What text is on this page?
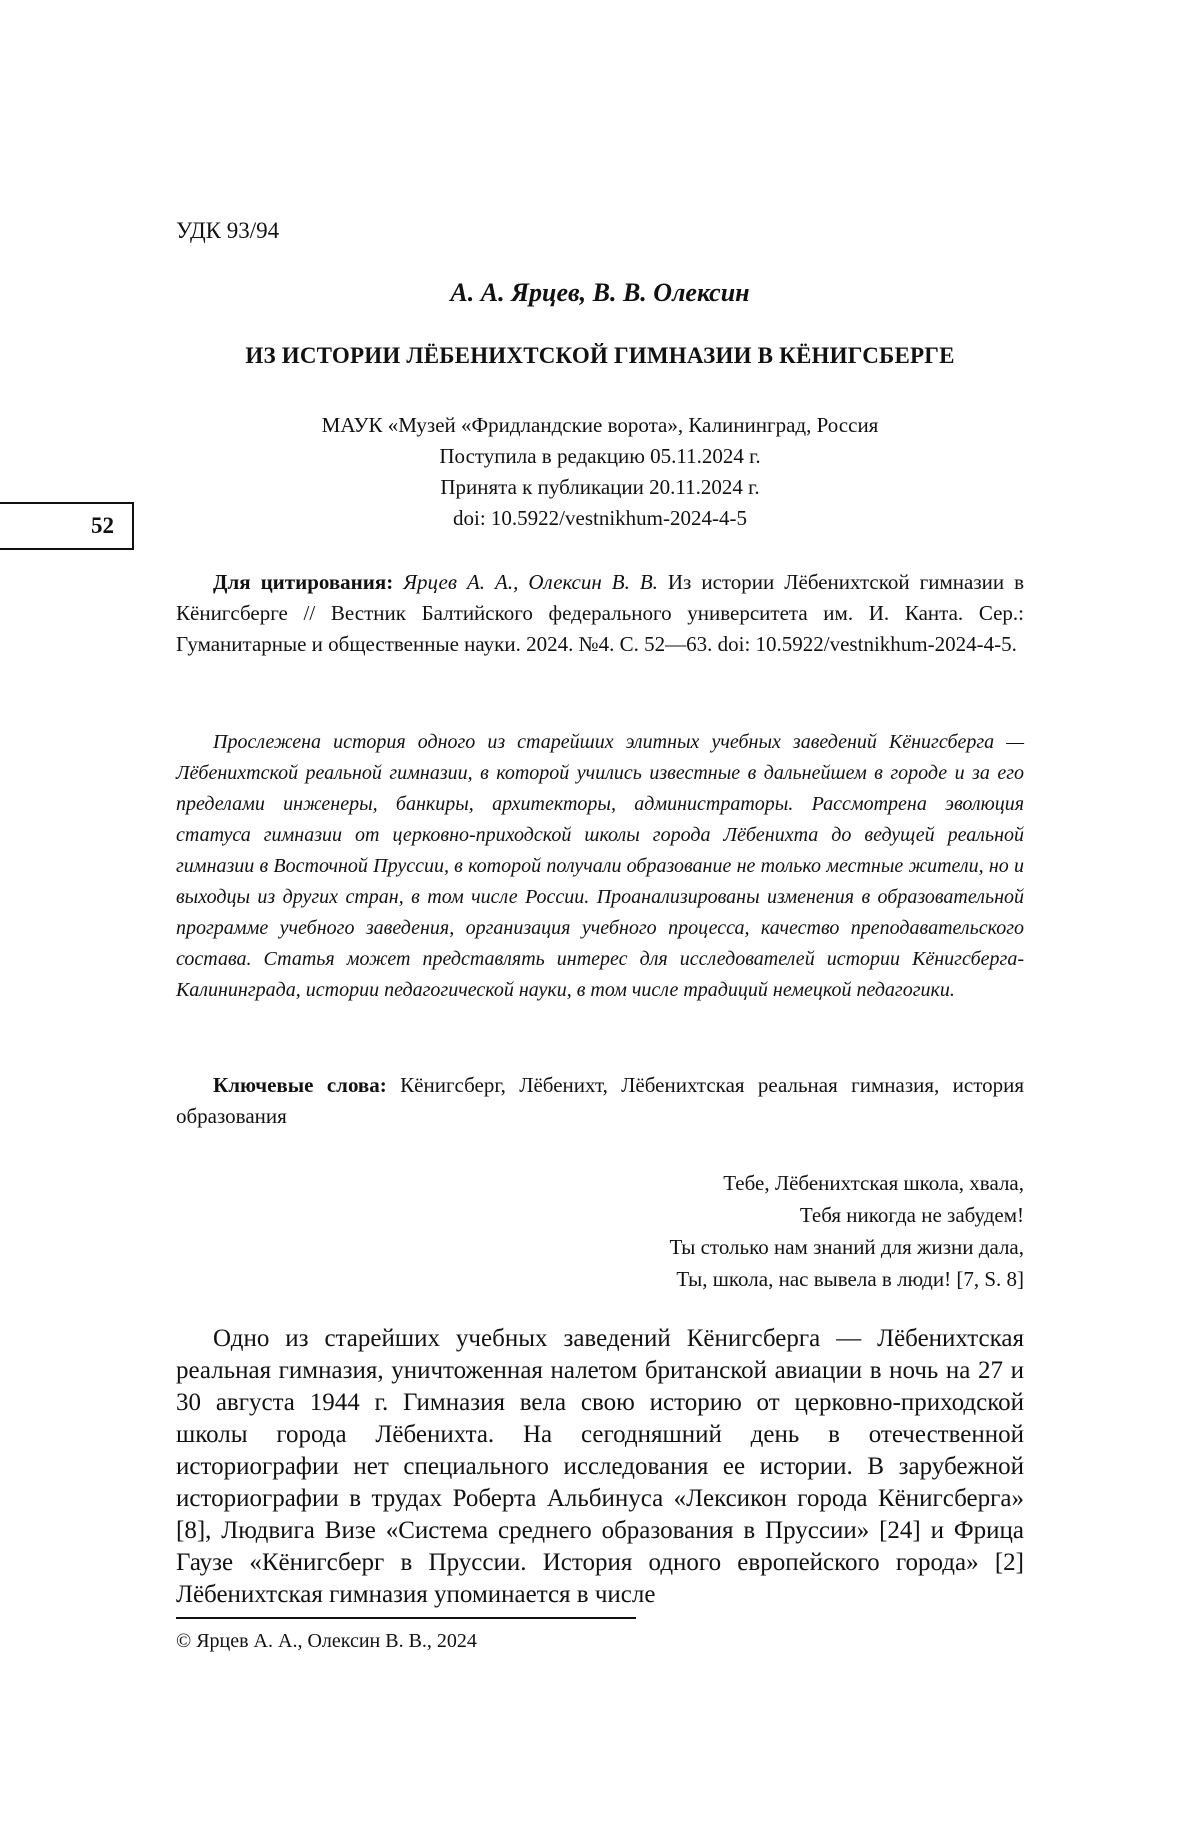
52
УДК 93/94
А. А. Ярцев, В. В. Олексин
ИЗ ИСТОРИИ ЛЁБЕНИХТСКОЙ ГИМНАЗИИ В КЁНИГСБЕРГЕ
МАУК «Музей «Фридландские ворота», Калининград, Россия
Поступила в редакцию 05.11.2024 г.
Принята к публикации 20.11.2024 г.
doi: 10.5922/vestnikhum-2024-4-5
Для цитирования: Ярцев А. А., Олексин В. В. Из истории Лёбенихтской гимназии в Кёнигсберге // Вестник Балтийского федерального университета им. И. Канта. Сер.: Гуманитарные и общественные науки. 2024. №4. С. 52—63. doi: 10.5922/vestnikhum-2024-4-5.
Прослежена история одного из старейших элитных учебных заведений Кёнигсберга — Лёбенихтской реальной гимназии, в которой учились известные в дальнейшем в городе и за его пределами инженеры, банкиры, архитекторы, администраторы. Рассмотрена эволюция статуса гимназии от церковно-приходской школы города Лёбенихта до ведущей реальной гимназии в Восточной Пруссии, в которой получали образование не только местные жители, но и выходцы из других стран, в том числе России. Проанализированы изменения в образовательной программе учебного заведения, организация учебного процесса, качество преподавательского состава. Статья может представлять интерес для исследователей истории Кёнигсберга-Калининграда, истории педагогической науки, в том числе традиций немецкой педагогики.
Ключевые слова: Кёнигсберг, Лёбенихт, Лёбенихтская реальная гимназия, история образования
Тебе, Лёбенихтская школа, хвала,
Тебя никогда не забудем!
Ты столько нам знаний для жизни дала,
Ты, школа, нас вывела в люди! [7, S. 8]
Одно из старейших учебных заведений Кёнигсберга — Лёбенихтская реальная гимназия, уничтоженная налетом британской авиации в ночь на 27 и 30 августа 1944 г. Гимназия вела свою историю от церковно-приходской школы города Лёбенихта. На сегодняшний день в отечественной историографии нет специального исследования ее истории. В зарубежной историографии в трудах Роберта Альбинуса «Лексикон города Кёнигсберга» [8], Людвига Визе «Система среднего образования в Пруссии» [24] и Фрица Гаузе «Кёнигсберг в Пруссии. История одного европейского города» [2] Лёбенихтская гимназия упоминается в числе
© Ярцев А. А., Олексин В. В., 2024
